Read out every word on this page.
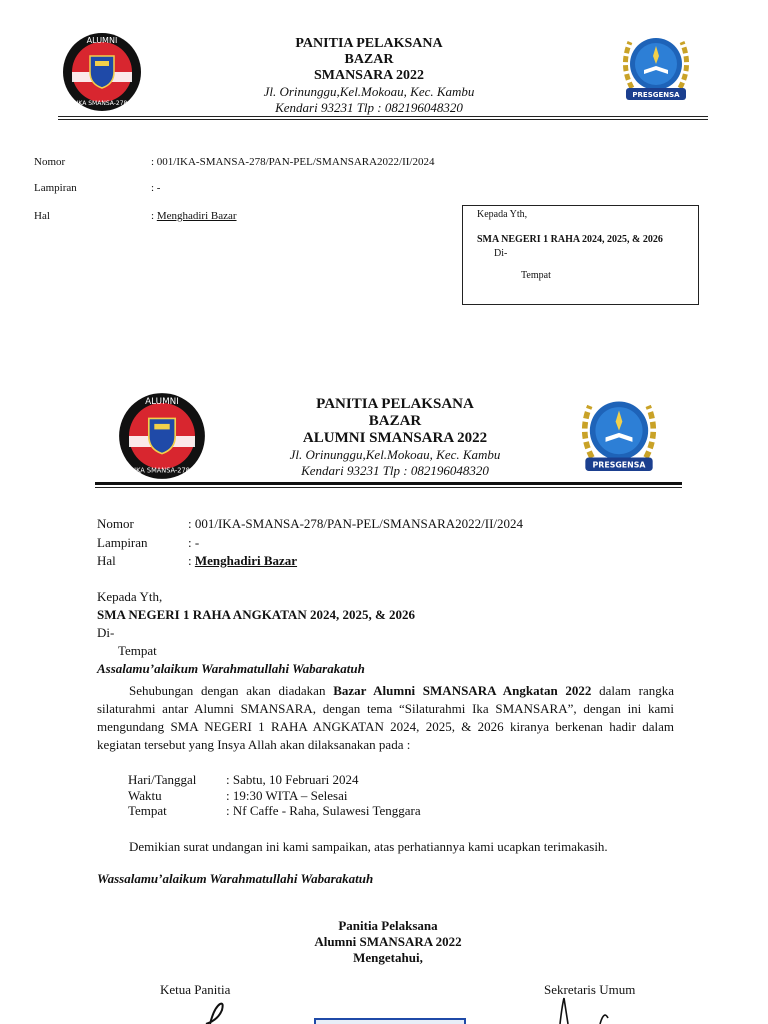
ALUMNI
IKA SMANSA-278
PANITIA PELAKSANA
BAZAR
SMANSARA 2022
Jl. Orinunggu,Kel.Mokoau, Kec. Kambu
Kendari 93231 Tlp : 082196048320
PRESGENSA
Nomor	: 001/IKA-SMANSA-278/PAN-PEL/SMANSARA2022/II/2024
Lampiran	: -
Hal	: Menghadiri Bazar	Kepada Yth,
SMA NEGERI 1 RAHA 2024, 2025, & 2026
Di-
Tempat
ALUMNI
IKA SMANSA-278
PANITIA PELAKSANA
BAZAR
ALUMNI SMANSARA 2022
Jl. Orinunggu,Kel.Mokoau, Kec. Kambu
Kendari 93231 Tlp : 082196048320	PRESGENSA
Nomor	: 001/IKA-SMANSA-278/PAN-PEL/SMANSARA2022/II/2024
Lampiran	: -
Hal	: Menghadiri Bazar
Kepada Yth,
SMA NEGERI 1 RAHA ANGKATAN 2024, 2025, & 2026
Di-
Tempat
Assalamu’alaikum Warahmatullahi Wabarakatuh
Sehubungan dengan akan diadakan Bazar Alumni SMANSARA Angkatan 2022 dalam rangka silaturahmi antar Alumni SMANSARA, dengan tema “Silaturahmi Ika SMANSARA”, dengan ini kami mengundang SMA NEGERI 1 RAHA ANGKATAN 2024, 2025, & 2026 kiranya berkenan hadir dalam kegiatan tersebut yang Insya Allah akan dilaksanakan pada :
Hari/Tanggal : Sabtu, 10 Februari 2024
Waktu	: 19:30 WITA – Selesai
Tempat	: Nf Caffe - Raha, Sulawesi Tenggara
Demikian surat undangan ini kami sampaikan, atas perhatiannya kami ucapkan terimakasih.
Wassalamu’alaikum Warahmatullahi Wabarakatuh
Panitia Pelaksana
Alumni SMANSARA 2022
Mengetahui,
Ketua Panitia	Sekretaris Umum
